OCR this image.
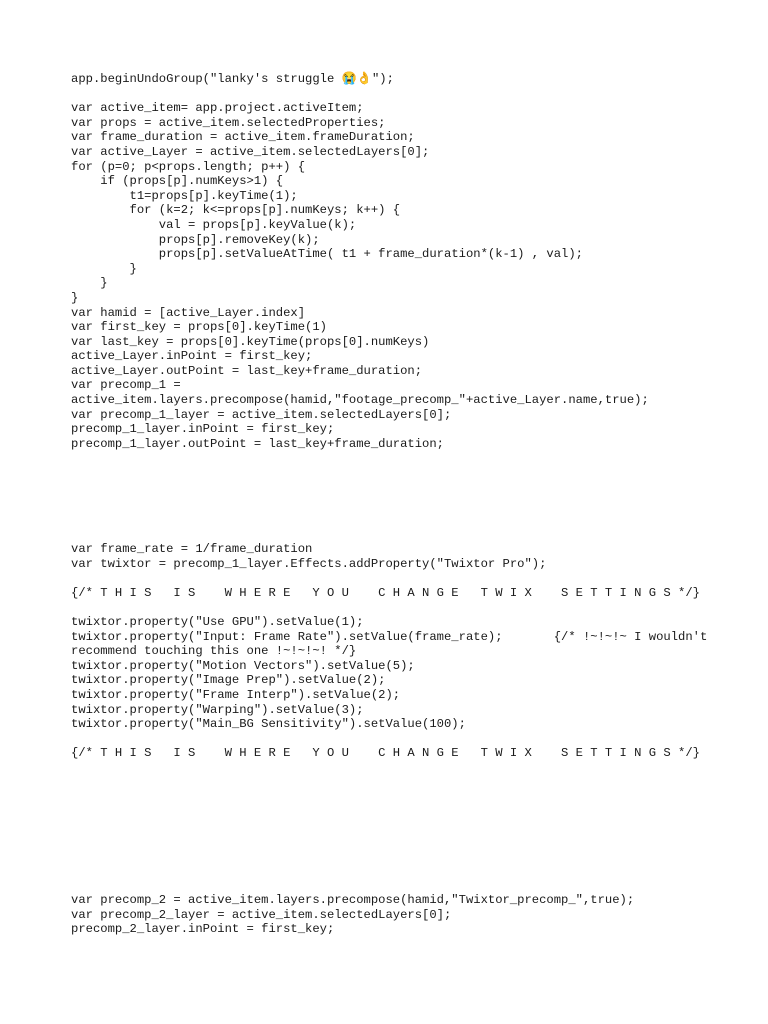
app.beginUndoGroup("lanky's struggle 😭👌");

var active_item= app.project.activeItem;
var props = active_item.selectedProperties;
var frame_duration = active_item.frameDuration;
var active_Layer = active_item.selectedLayers[0];
for (p=0; p<props.length; p++) {
if (props[p].numKeys>1) {
t1=props[p].keyTime(1);
for (k=2; k<=props[p].numKeys; k++) {
val = props[p].keyValue(k);
props[p].removeKey(k);
props[p].setValueAtTime( t1 + frame_duration*(k-1) , val);
}
}
}
var hamid = [active_Layer.index]
var first_key = props[0].keyTime(1)
var last_key = props[0].keyTime(props[0].numKeys)
active_Layer.inPoint = first_key;
active_Layer.outPoint = last_key+frame_duration;
var precomp_1 =
active_item.layers.precompose(hamid,"footage_precomp_"+active_Layer.name,true);
var precomp_1_layer = active_item.selectedLayers[0];
precomp_1_layer.inPoint = first_key;
precomp_1_layer.outPoint = last_key+frame_duration;
var frame_rate = 1/frame_duration
var twixtor = precomp_1_layer.Effects.addProperty("Twixtor Pro");

{/* T H I S   I S    W H E R E   Y O U    C H A N G E   T W I X    S E T T I N G S */}

twixtor.property("Use GPU").setValue(1);
twixtor.property("Input: Frame Rate").setValue(frame_rate);       {/* !~!~!~ I wouldn't recommend touching this one !~!~!~! */}
twixtor.property("Motion Vectors").setValue(5);
twixtor.property("Image Prep").setValue(2);
twixtor.property("Frame Interp").setValue(2);
twixtor.property("Warping").setValue(3);
twixtor.property("Main_BG Sensitivity").setValue(100);

{/* T H I S   I S    W H E R E   Y O U    C H A N G E   T W I X    S E T T I N G S */}
var precomp_2 = active_item.layers.precompose(hamid,"Twixtor_precomp_",true);
var precomp_2_layer = active_item.selectedLayers[0];
precomp_2_layer.inPoint = first_key;
